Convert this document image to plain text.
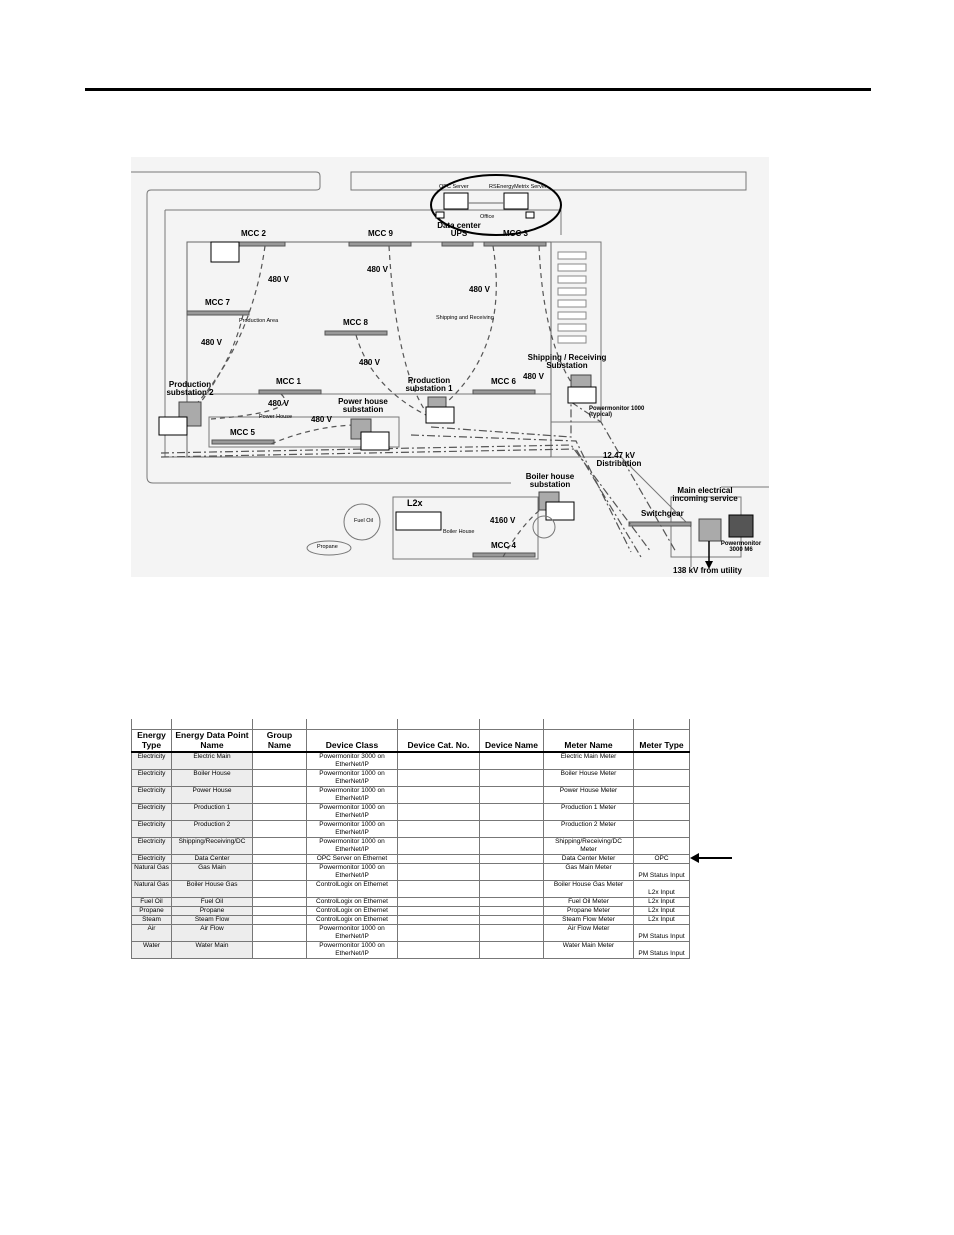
MCC 2	MCC 9	MCC 3
MCC 7
MCC 8
MCC 1	MCC 6
MCC 5
MCC 4
480 V
480 V
480 V
480 V
480 V
480 V
480 V
480 V
4160 V
12.47 kV Distribution
Production substation 2
Production substation 1
Power house substation
Shipping / Receiving Substation
Boiler house substation
Production Area	Shipping and Receiving
Power House
Boiler House
Office
OPC Server	RSEnergyMetrix Server
Data center UPS
Powermonitor 1000 (typical)
Powermonitor 3000 M6
Switchgear
Main electrical incoming service
138 kV from utility
L2x
Fuel Oil
Propane

Energy Type	Energy Data Point Name	Group Name	Device Class	Device Cat. No.	Device Name	Meter Name	Meter Type
Electricity	Electric Main		Powermonitor 3000 on EtherNet/IP			Electric Main Meter	
Electricity	Boiler House		Powermonitor 1000 on EtherNet/IP			Boiler House Meter	
Electricity	Power House		Powermonitor 1000 on EtherNet/IP			Power House Meter	
Electricity	Production 1		Powermonitor 1000 on EtherNet/IP			Production 1 Meter	
Electricity	Production 2		Powermonitor 1000 on EtherNet/IP			Production 2 Meter	
Electricity	Shipping/Receiving/DC		Powermonitor 1000 on EtherNet/IP			Shipping/Receiving/DC Meter	
Electricity	Data Center		OPC Server on Ethernet			Data Center Meter	OPC
Natural Gas	Gas Main		Powermonitor 1000 on EtherNet/IP			Gas Main Meter	PM Status Input
Natural Gas	Boiler House Gas		ControlLogix on Ethernet			Boiler House Gas Meter	L2x Input
Fuel Oil	Fuel Oil		ControlLogix on Ethernet			Fuel Oil Meter	L2x Input
Propane	Propane		ControlLogix on Ethernet			Propane Meter	L2x Input
Steam	Steam Flow		ControlLogix on Ethernet			Steam Flow Meter	L2x Input
Air	Air Flow		Powermonitor 1000 on EtherNet/IP			Air Flow Meter	PM Status Input
Water	Water Main		Powermonitor 1000 on EtherNet/IP			Water Main Meter	PM Status Input
